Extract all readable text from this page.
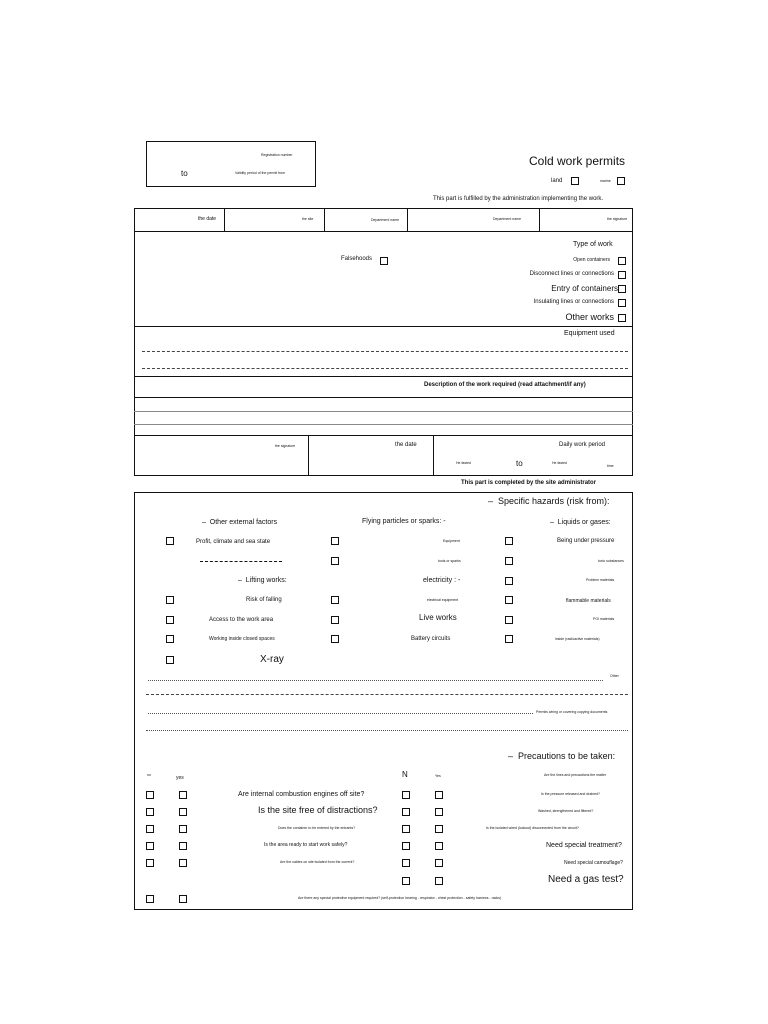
Registration number
to	Validity period of the permit from
Cold work permits
land	marine
This part is fulfilled by the administration implementing the work.
the date	the site	Department name	Department name	the signature
Type of work
Falsehoods	Open containers
Disconnect lines or connections
Entry of containers
Insulating lines or connections
Other works
Equipment used
Description of the work required (read attachment/if any)
the signature	the date	Daily work period
He fasted	to	He fasted
time
This part is completed by the site administrator
–  Specific hazards (risk from):
–  Other external factors	Flying particles or sparks: -	–  Liquids or gases:
Profit, climate and sea state	Equipment	Being under pressure
tools or sparks	toxic substances
–  Lifting works:	electricity : -	Problem materials
Risk of falling	electrical equipment	flammable materials
Access to the work area	Live works	PGI materials
Working inside closed spaces	Battery circuits	inside (radioactive materials)
X-ray
Other
Permits wiring or covering copying documents
–  Precautions to be taken:
no	yes	N	Yes	Are the lines and precautions the matter
Are internal combustion engines off site?	Is the pressure released and drained?
Is the site free of distractions?	Washed, strengthened and filtered?
Does the container to be entered by the entrants?	Is the isolated wired (lockout) disconnected from the circuit?
Is the area ready to start work safely?	Need special treatment?
Are the cables on site isolated from the current?	Need special camouflage?
Need a gas test?
Are there any special protective equipment required? (self-protection hearing - respirator - chest protection - safety harness - racks)
